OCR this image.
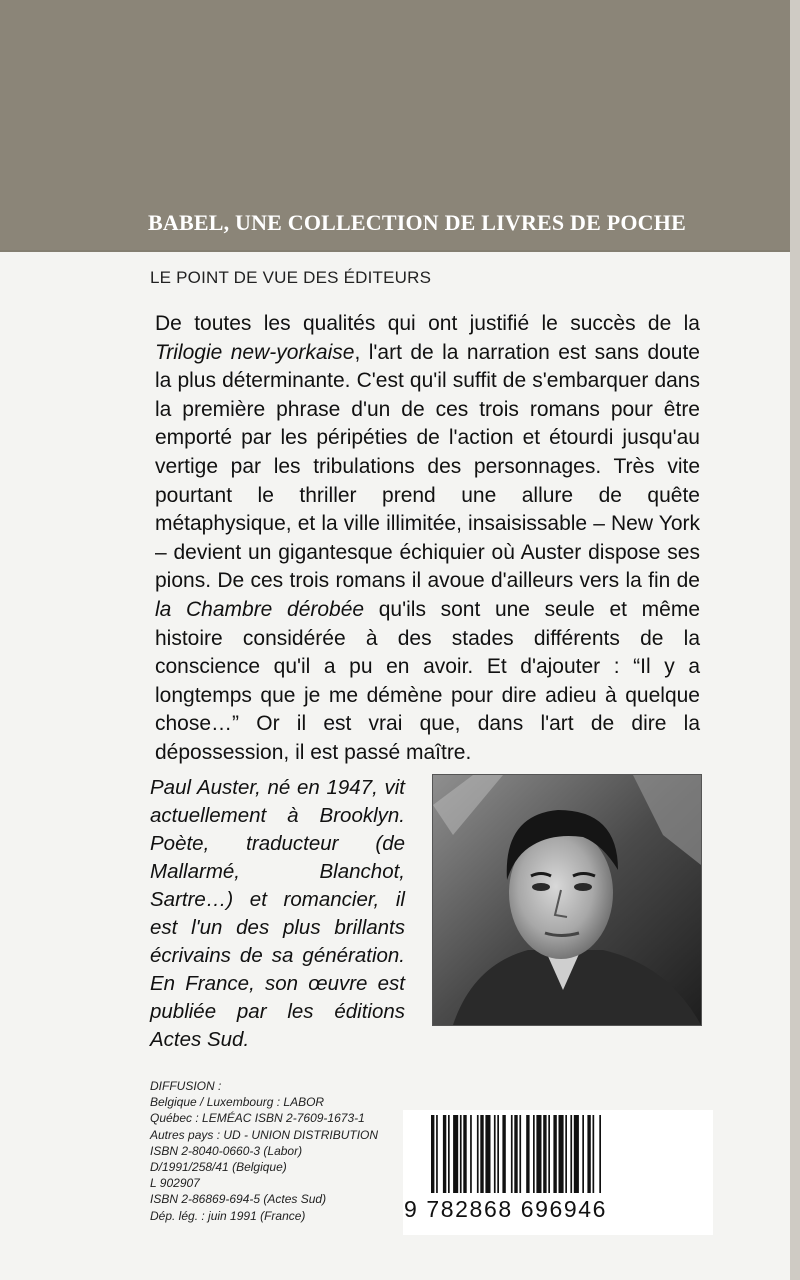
BABEL, UNE COLLECTION DE LIVRES DE POCHE
LE POINT DE VUE DES ÉDITEURS

De toutes les qualités qui ont justifié le succès de la Trilogie new-yorkaise, l'art de la narration est sans doute la plus déterminante. C'est qu'il suffit de s'embarquer dans la première phrase d'un de ces trois romans pour être emporté par les péripéties de l'action et étourdi jusqu'au vertige par les tribulations des personnages. Très vite pourtant le thriller prend une allure de quête métaphysique, et la ville illimitée, insaisissable – New York – devient un gigantesque échiquier où Auster dispose ses pions. De ces trois romans il avoue d'ailleurs vers la fin de la Chambre dérobée qu'ils sont une seule et même histoire considérée à des stades différents de la conscience qu'il a pu en avoir. Et d'ajouter : “Il y a longtemps que je me démène pour dire adieu à quelque chose…” Or il est vrai que, dans l'art de dire la dépossession, il est passé maître.

Paul Auster, né en 1947, vit actuellement à Brooklyn. Poète, traducteur (de Mallarmé, Blanchot, Sartre…) et romancier, il est l'un des plus brillants écrivains de sa génération. En France, son œuvre est publiée par les éditions Actes Sud.

DIFFUSION :
Belgique / Luxembourg : LABOR
Québec : LEMÉAC ISBN 2-7609-1673-1
Autres pays : UD - UNION DISTRIBUTION
ISBN 2-8040-0660-3 (Labor)
D/1991/258/41 (Belgique)
L 902907
ISBN 2-86869-694-5 (Actes Sud)
Dép. lég. : juin 1991 (France)	9 782868 696946
